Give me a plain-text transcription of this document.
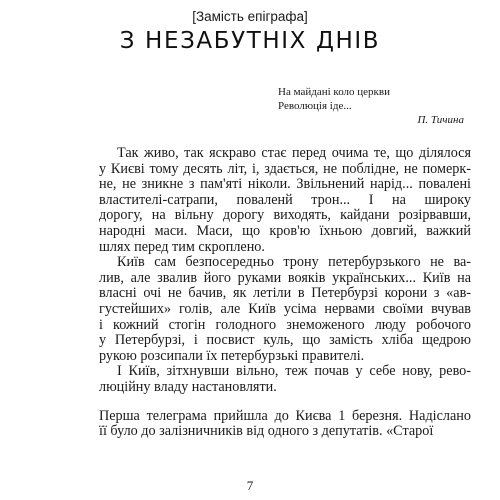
[Замість епіграфа]
З НЕЗАБУТНІХ ДНІВ
На майдані коло церкви
Революція іде...
П. Тичина
Так живо, так яскраво стає перед очима те, що ділялося
у Києві тому десять літ, і, здається, не поблідне, не померк-
не, не зникне з пам'яті ніколи. Звільнений нарід... повалені
властителі-сатрапи, поваленй трон... І на широку
дорогу, на вільну дорогу виходять, кайдани розірвавши,
народні маси. Маси, що кров'ю їхньою довгий, важкий
шлях перед тим скроплено.
Київ сам безпосередньо трону петербурзького не ва-
лив, але звалив його руками вояків українських... Київ на
власні очі не бачив, як летіли в Петербурзі корони з «ав-
густейших» голів, але Київ усіма нервами своїми вчував
і кожний стогін голодного знеможеного люду робочого
у Петербурзі, і посвист куль, що замість хліба щедрою
рукою розсипали їх петербурзькі правителі.
І Київ, зітхнувши вільно, теж почав у себе нову, рево-
люційну владу настановляти.
Перша телеграма прийшла до Києва 1 березня. Надіслано
її було до залізничників від одного з депутатів. «Старої
7
